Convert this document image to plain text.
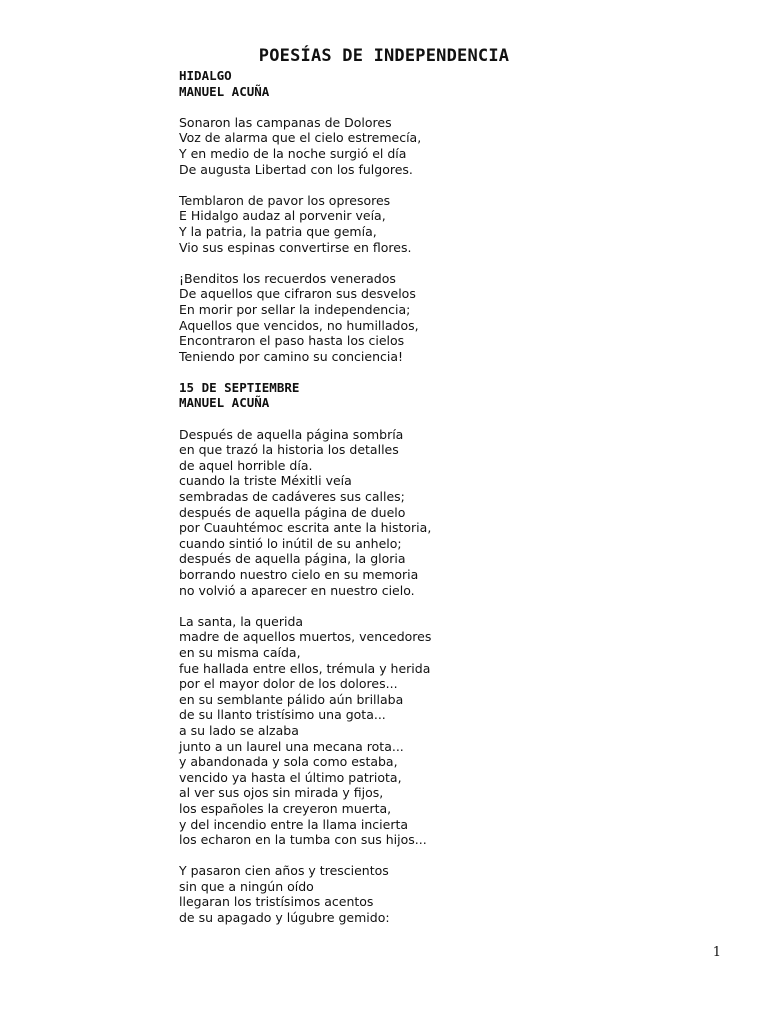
POESÍAS DE INDEPENDENCIA

HIDALGO

MANUEL ACUÑA

Sonaron las campanas de Dolores
Voz de alarma que el cielo estremecía,
Y en medio de la noche surgió el día
De augusta Libertad con los fulgores.
Temblaron de pavor los opresores
E Hidalgo audaz al porvenir veía,
Y la patria, la patria que gemía,
Vio sus espinas convertirse en flores.
¡Benditos los recuerdos venerados
De aquellos que cifraron sus desvelos
En morir por sellar la independencia;
Aquellos que vencidos, no humillados,
Encontraron el paso hasta los cielos
Teniendo por camino su conciencia!

15 DE SEPTIEMBRE

MANUEL ACUÑA

Después de aquella página sombría
en que trazó la historia los detalles
de aquel horrible día.
cuando la triste Méxitli veía
sembradas de cadáveres sus calles;
después de aquella página de duelo
por Cuauhtémoc escrita ante la historia,
cuando sintió lo inútil de su anhelo;
después de aquella página, la gloria
borrando nuestro cielo en su memoria
no volvió a aparecer en nuestro cielo.
La santa, la querida
madre de aquellos muertos, vencedores
en su misma caída,
fue hallada entre ellos, trémula y herida
por el mayor dolor de los dolores...
en su semblante pálido aún brillaba
de su llanto tristísimo una gota...
a su lado se alzaba
junto a un laurel una mecana rota...
y abandonada y sola como estaba,
vencido ya hasta el último patriota,
al ver sus ojos sin mirada y fijos,
los españoles la creyeron muerta,
y del incendio entre la llama incierta
los echaron en la tumba con sus hijos...
Y pasaron cien años y trescientos
sin que a ningún oído
llegaran los tristísimos acentos
de su apagado y lúgubre gemido:
1
